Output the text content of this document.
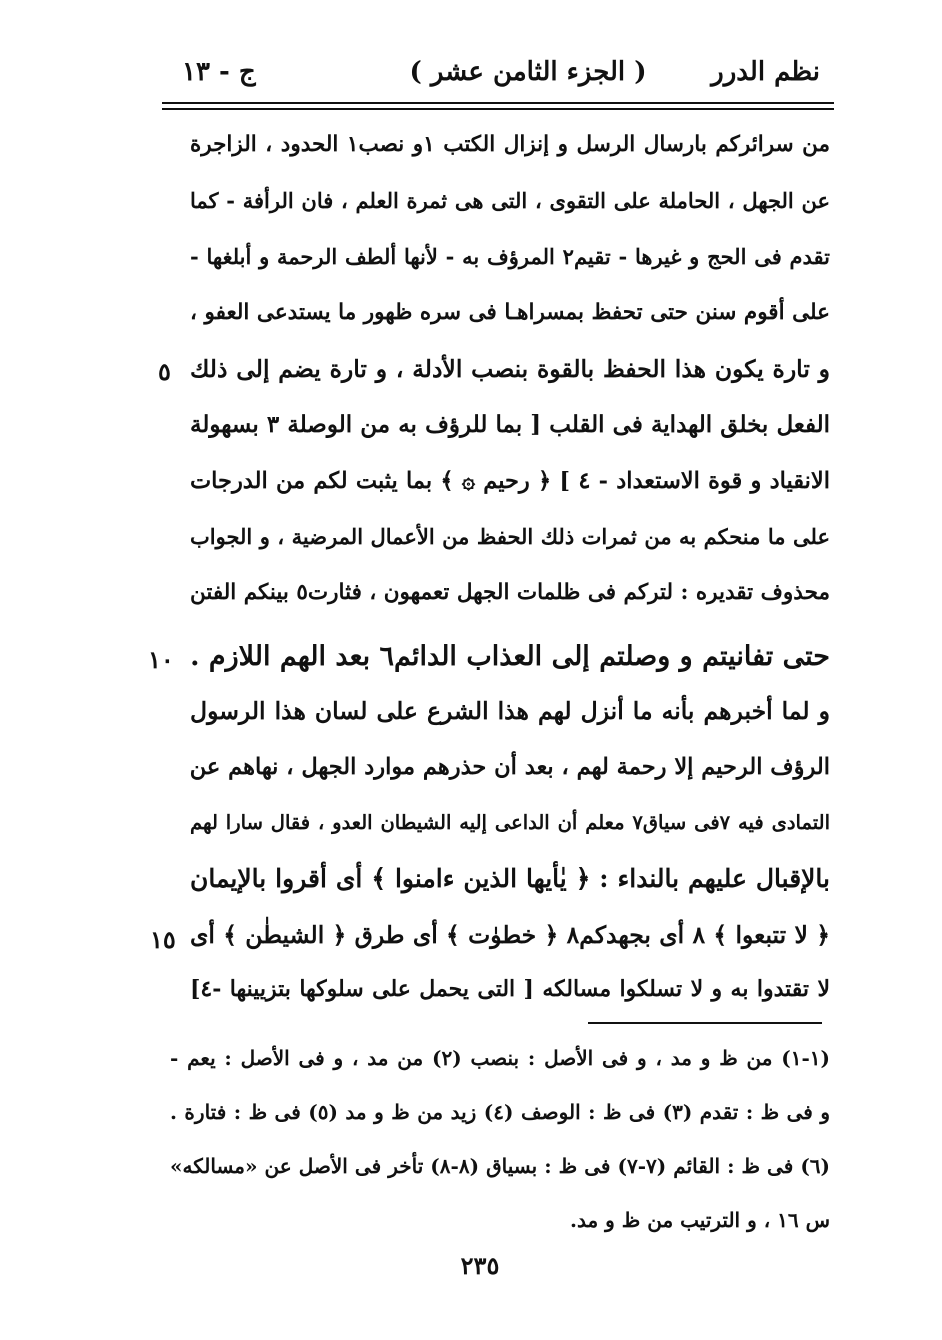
نظم الدرر
( الجزء الثامن عشر )
ج - ١٣
من سرائركم بارسال الرسل و إنزال الكتب ١و نصب١ الحدود ، الزاجرة
عن الجهل ، الحاملة على التقوى ، التى هى ثمرة العلم ، فان الرأفة - كما
تقدم فى الحج و غيرها - تقيم٢ المرؤف به - لأنها ألطف الرحمة و أبلغها -
على أقوم سنن حتى تحفظ بمسراهـا فى سره ظهور ما يستدعى العفو ،
و تارة يكون هذا الحفظ بالقوة بنصب الأدلة ، و تارة يضم إلى ذلك
الفعل بخلق الهداية فى القلب [ بما للرؤف به من الوصلة ٣ بسهولة
الانقياد و قوة الاستعداد - ٤ ] ﴿ رحيم ۞ ﴾ بما يثبت لكم من الدرجات
على ما منحكم به من ثمرات ذلك الحفظ من الأعمال المرضية ، و الجواب
محذوف تقديره : لتركم فى ظلمات الجهل تعمهون ، فثارت٥ بينكم الفتن
حتى تفانيتم و وصلتم إلى العذاب الدائم٦ بعد الهم اللازم .
و لما أخبرهم بأنه ما أنزل لهم هذا الشرع على لسان هذا الرسول
الرؤف الرحيم إلا رحمة لهم ، بعد أن حذرهم موارد الجهل ، نهاهم عن
التمادى فيه ٧فى سياق٧ معلم أن الداعى إليه الشيطان العدو ، فقال سارا لهم
بالإقبال عليهم بالنداء : ﴿ يٰأيها الذين ءامنوا ﴾ أى أقروا بالإيمان
﴿ لا تتبعوا ﴾ ٨ أى بجهدكم٨ ﴿ خطوٰت ﴾ أى طرق ﴿ الشيطٰن ﴾ أى
لا تقتدوا به و لا تسلكوا مسالكه [ التى يحمل على سلوكها بتزيينها -٤]
٥
١٠
١٥
(١-١) من ظ و مد ، و فى الأصل : بنصب (٢) من مد ، و فى الأصل : يعم -
و فى ظ : تقدم (٣) فى ظ : الوصف (٤) زيد من ظ و مد (٥) فى ظ : فتارة .
(٦) فى ظ : القائم (٧-٧) فى ظ : بسياق (٨-٨) تأخر فى الأصل عن «مسالكه»
س ١٦ ، و الترتيب من ظ و مد.
٢٣٥
